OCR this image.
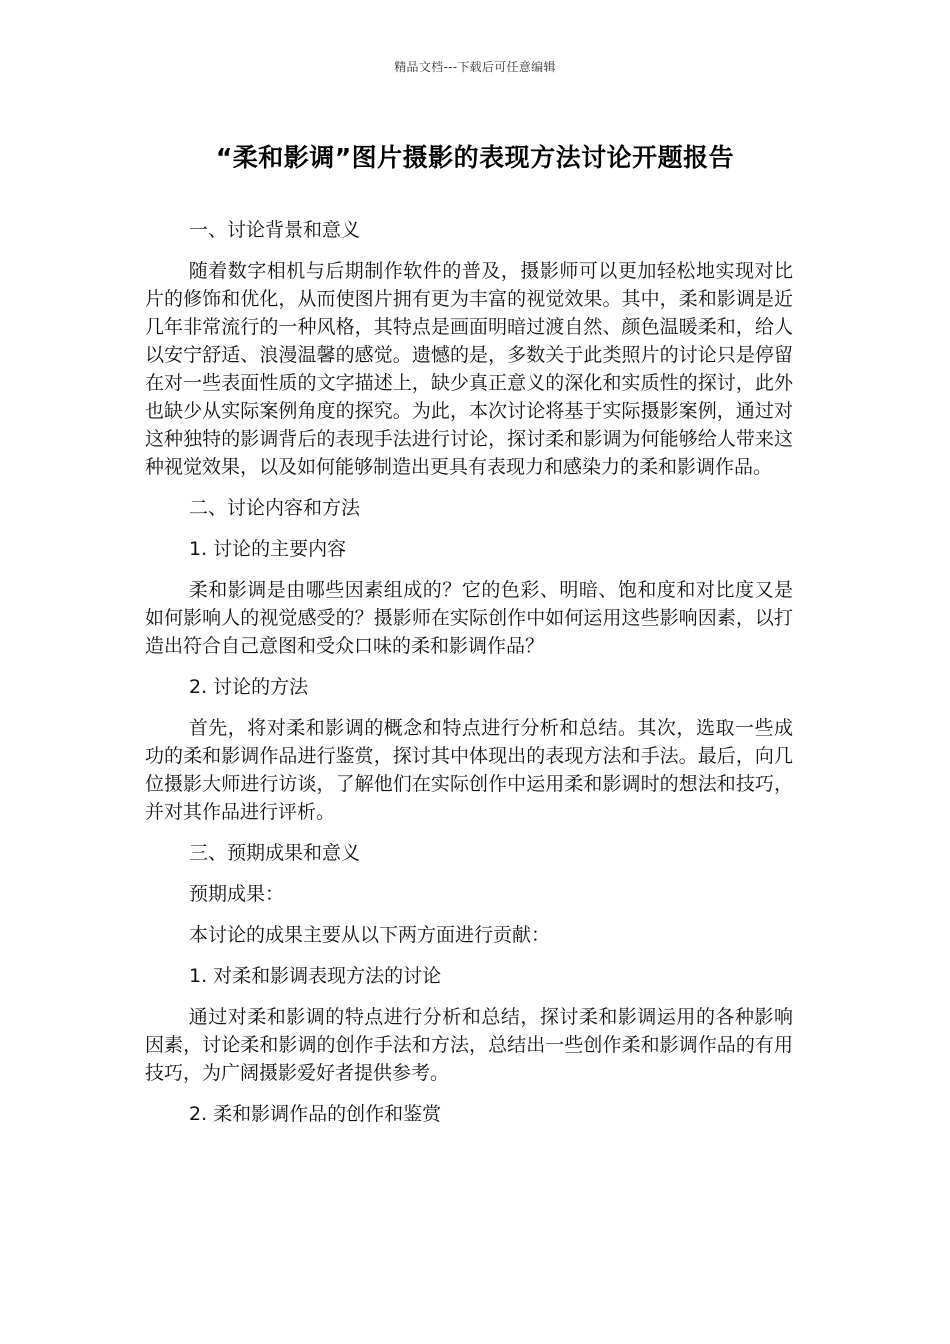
精品文档---下载后可任意编辑
“柔和影调”图片摄影的表现方法讨论开题报告

一、讨论背景和意义

随着数字相机与后期制作软件的普及，摄影师可以更加轻松地实现对比片的修饰和优化，从而使图片拥有更为丰富的视觉效果。其中，柔和影调是近几年非常流行的一种风格，其特点是画面明暗过渡自然、颜色温暖柔和，给人以安宁舒适、浪漫温馨的感觉。遗憾的是，多数关于此类照片的讨论只是停留在对一些表面性质的文字描述上，缺少真正意义的深化和实质性的探讨，此外也缺少从实际案例角度的探究。为此，本次讨论将基于实际摄影案例，通过对这种独特的影调背后的表现手法进行讨论，探讨柔和影调为何能够给人带来这种视觉效果，以及如何能够制造出更具有表现力和感染力的柔和影调作品。

二、讨论内容和方法

1. 讨论的主要内容

柔和影调是由哪些因素组成的？它的色彩、明暗、饱和度和对比度又是如何影响人的视觉感受的？摄影师在实际创作中如何运用这些影响因素，以打造出符合自己意图和受众口味的柔和影调作品？

2. 讨论的方法

首先，将对柔和影调的概念和特点进行分析和总结。其次，选取一些成功的柔和影调作品进行鉴赏，探讨其中体现出的表现方法和手法。最后，向几位摄影大师进行访谈，了解他们在实际创作中运用柔和影调时的想法和技巧，并对其作品进行评析。

三、预期成果和意义

预期成果：

本讨论的成果主要从以下两方面进行贡献：

1. 对柔和影调表现方法的讨论

通过对柔和影调的特点进行分析和总结，探讨柔和影调运用的各种影响因素，讨论柔和影调的创作手法和方法，总结出一些创作柔和影调作品的有用技巧，为广阔摄影爱好者提供参考。

2. 柔和影调作品的创作和鉴赏
